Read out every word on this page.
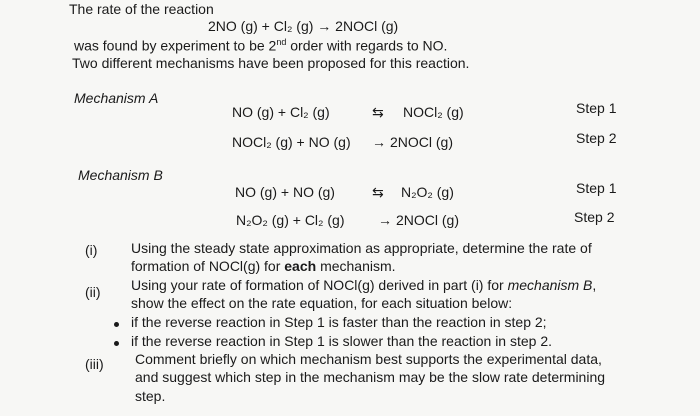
The rate of the reaction
2NO (g) + Cl₂ (g) → 2NOCl (g)
was found by experiment to be 2nd order with regards to NO.
Two different mechanisms have been proposed for this reaction.
Mechanism A
NO (g) + Cl₂ (g)	⇆ NOCl₂ (g)	Step 1
NOCl₂ (g) + NO (g) → 2NOCl (g)	Step 2
Mechanism B
NO (g) + NO (g)	⇆ N₂O₂ (g)	Step 1
N₂O₂ (g) + Cl₂ (g) → 2NOCl (g)	Step 2
(i) Using the steady state approximation as appropriate, determine the rate of
formation of NOCl(g) for each mechanism.
(ii) Using your rate of formation of NOCl(g) derived in part (i) for mechanism B,
show the effect on the rate equation, for each situation below:
if the reverse reaction in Step 1 is faster than the reaction in step 2;
if the reverse reaction in Step 1 is slower than the reaction in step 2.
(iii) Comment briefly on which mechanism best supports the experimental data,
and suggest which step in the mechanism may be the slow rate determining
step.
